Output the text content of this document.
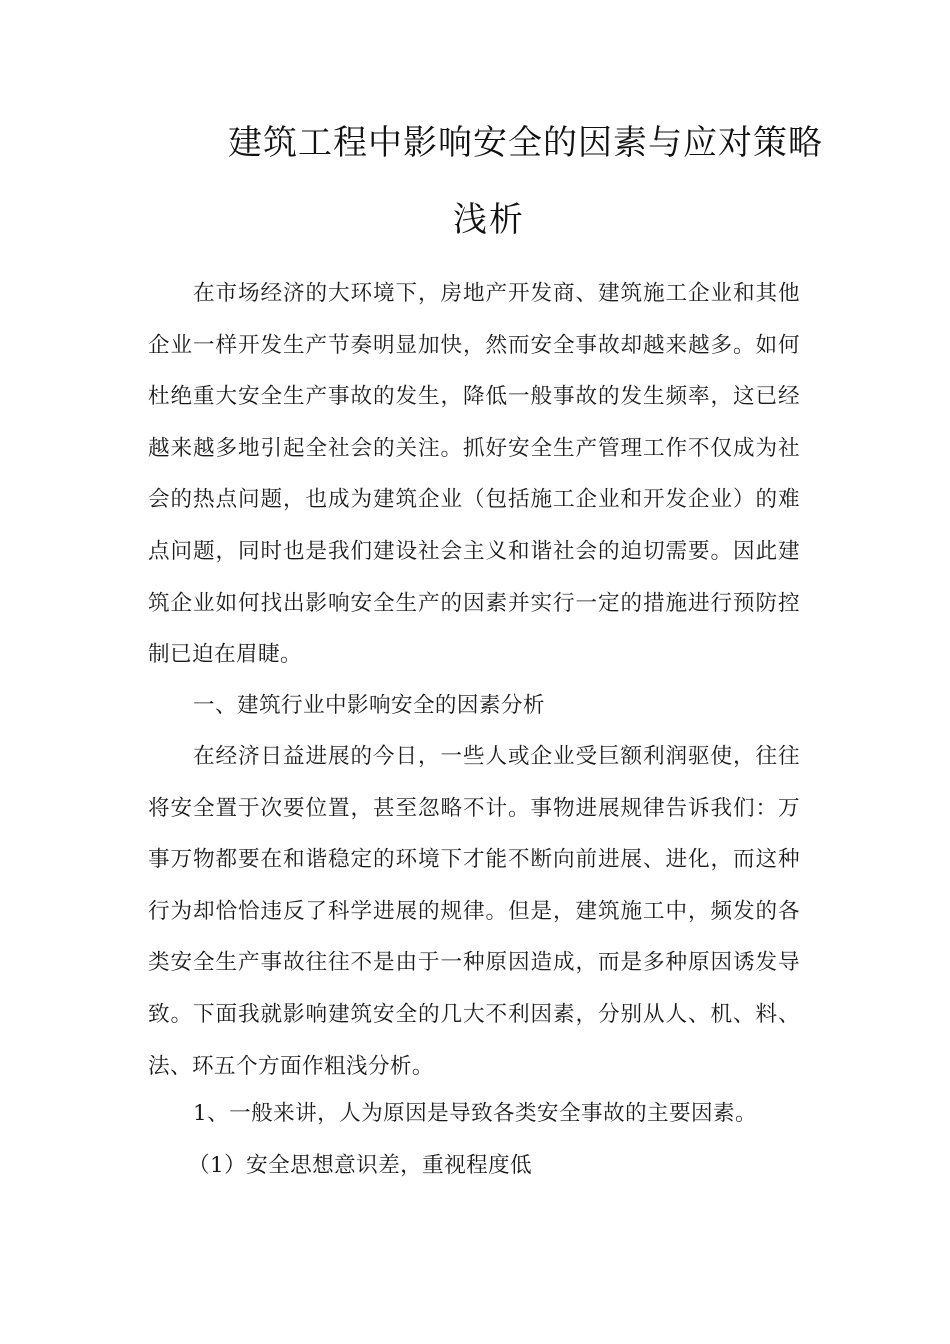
建筑工程中影响安全的因素与应对策略
浅析

在市场经济的大环境下，房地产开发商、建筑施工企业和其他企业一样开发生产节奏明显加快，然而安全事故却越来越多。如何杜绝重大安全生产事故的发生，降低一般事故的发生频率，这已经越来越多地引起全社会的关注。抓好安全生产管理工作不仅成为社会的热点问题，也成为建筑企业（包括施工企业和开发企业）的难点问题，同时也是我们建设社会主义和谐社会的迫切需要。因此建筑企业如何找出影响安全生产的因素并实行一定的措施进行预防控制已迫在眉睫。

一、建筑行业中影响安全的因素分析

在经济日益进展的今日，一些人或企业受巨额利润驱使，往往将安全置于次要位置，甚至忽略不计。事物进展规律告诉我们：万事万物都要在和谐稳定的环境下才能不断向前进展、进化，而这种行为却恰恰违反了科学进展的规律。但是，建筑施工中，频发的各类安全生产事故往往不是由于一种原因造成，而是多种原因诱发导致。下面我就影响建筑安全的几大不利因素，分别从人、机、料、法、环五个方面作粗浅分析。

1、一般来讲，人为原因是导致各类安全事故的主要因素。

（1）安全思想意识差，重视程度低
